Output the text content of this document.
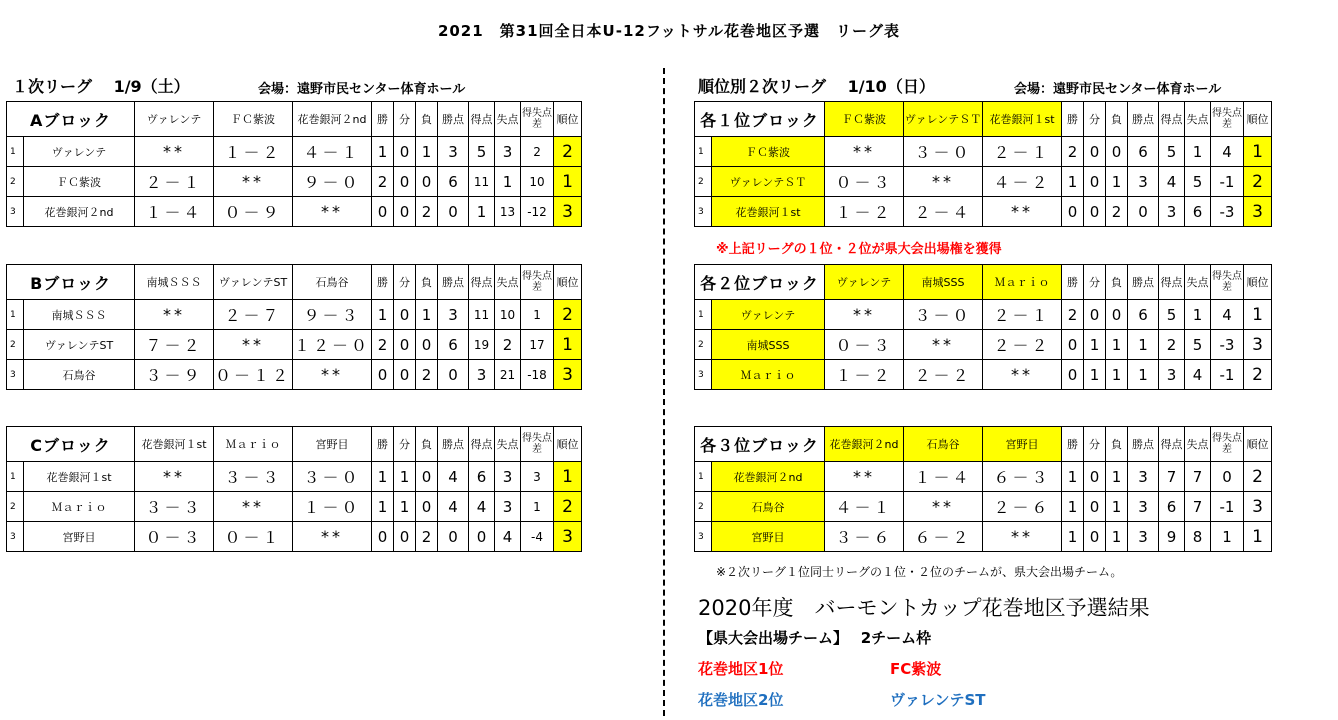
2021　第31回全日本U-12フットサル花巻地区予選　リーグ表
１次リーグ　 1/9（土）	会場：遠野市民センター体育ホール	順位別２次リーグ　 1/10（日）	会場：遠野市民センター体育ホール
Aブロック		ヴァレンテ	ＦＣ紫波	花巻銀河２nd	勝	分	負	勝点	得点	失点	得失点差	順位
1	ヴァレンテ	**	１－２	４－１	1	0	1	3	5	3	2	2
2	ＦＣ紫波	２－１	**	９－０	2	0	0	6	11	1	10	1
3	花巻銀河２nd	１－４	０－９	**	0	0	2	0	1	13	-12	3
Bブロック		南城ＳＳＳ	ヴァレンテST	石鳥谷	勝	分	負	勝点	得点	失点	得失点差	順位
1	南城ＳＳＳ	**	２－７	９－３	1	0	1	3	11	10	1	2
2	ヴァレンテST	７－２	**	１２－０	2	0	0	6	19	2	17	1
3	石鳥谷	３－９	０－１２	**	0	0	2	0	3	21	-18	3
Cブロック		花巻銀河１st	Ｍａｒｉｏ	宮野目	勝	分	負	勝点	得点	失点	得失点差	順位
1	花巻銀河１st	**	３－３	３－０	1	1	0	4	6	3	3	1
2	Ｍａｒｉｏ	３－３	**	１－０	1	1	0	4	4	3	1	2
3	宮野目	０－３	０－１	**	0	0	2	0	0	4	-4	3
各１位ブロック		ＦＣ紫波	ヴァレンテＳＴ	花巻銀河１st	勝	分	負	勝点	得点	失点	得失点差	順位
1	ＦＣ紫波	**	３－０	２－１	2	0	0	6	5	1	4	1
2	ヴァレンテＳＴ	０－３	**	４－２	1	0	1	3	4	5	-1	2
3	花巻銀河１st	１－２	２－４	**	0	0	2	0	3	6	-3	3
各２位ブロック		ヴァレンテ	南城SSS	Ｍａｒｉｏ	勝	分	負	勝点	得点	失点	得失点差	順位
1	ヴァレンテ	**	３－０	２－１	2	0	0	6	5	1	4	1
2	南城SSS	０－３	**	２－２	0	1	1	1	2	5	-3	3
3	Ｍａｒｉｏ	１－２	２－２	**	0	1	1	1	3	4	-1	2
各３位ブロック		花巻銀河２nd	石鳥谷	宮野目	勝	分	負	勝点	得点	失点	得失点差	順位
1	花巻銀河２nd	**	１－４	６－３	1	0	1	3	7	7	0	2
2	石鳥谷	４－１	**	２－６	1	0	1	3	6	7	-1	3
3	宮野目	３－６	６－２	**	1	0	1	3	9	8	1	1
※上記リーグの１位・２位が県大会出場権を獲得
※２次リーグ１位同士リーグの１位・２位のチームが、県大会出場チーム。
2020年度　バーモントカップ花巻地区予選結果
【県大会出場チーム】　 2チーム枠
花巻地区1位	FC紫波
花巻地区2位	ヴァレンテST
